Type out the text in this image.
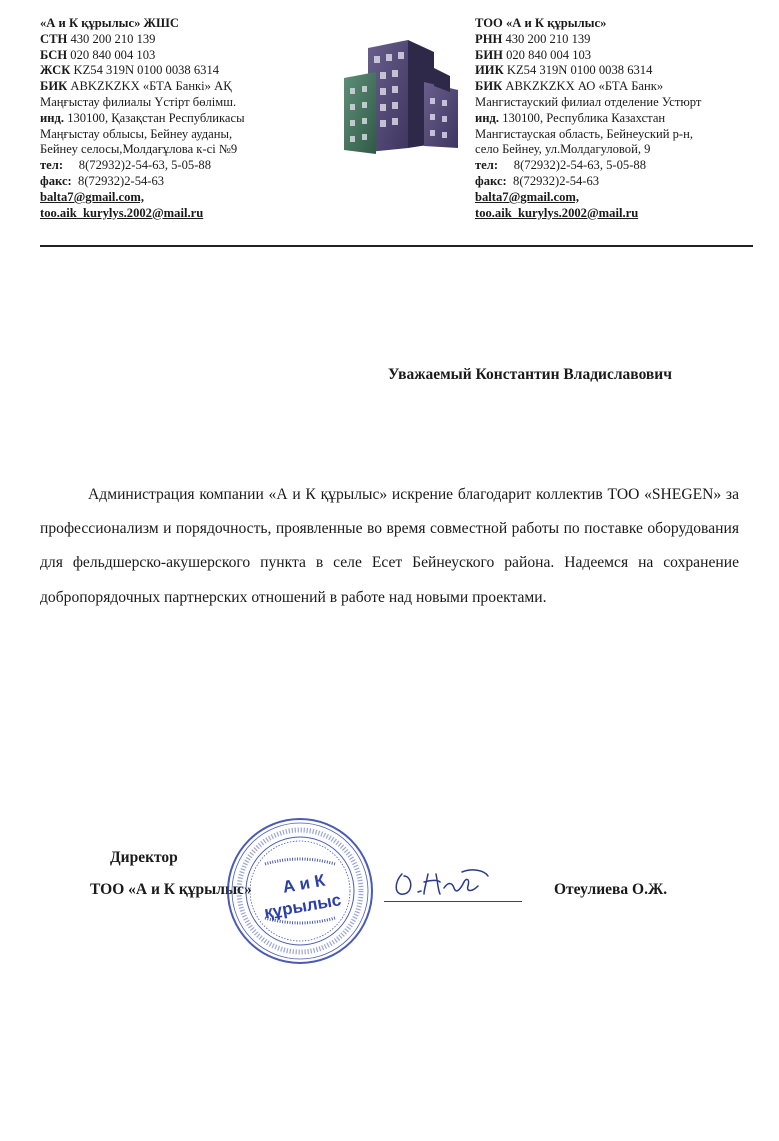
«А и К құрылыс» ЖШС
СТН 430 200 210 139
БСН 020 840 004 103
ЖСК KZ54 319N 0100 0038 6314
БИК ABKZKZKX «БТА Банкі» АҚ
Маңғыстау филиалы Үстірт бөлімш.
инд. 130100, Қазақстан Республикасы
Маңғыстау облысы, Бейнеу ауданы,
Бейнеу селосы,Молдағұлова к-сі №9
тел:     8(72932)2-54-63, 5-05-88
факс:  8(72932)2-54-63
balta7@gmail.com,
too.aik_kurylys.2002@mail.ru
ТОО «А и К құрылыс»
РНН 430 200 210 139
БИН 020 840 004 103
ИИК KZ54 319N 0100 0038 6314
БИК ABKZKZKX АО «БТА Банк»
Мангистауский филиал отделение Устюрт
инд. 130100, Республика Казахстан
Мангистауская область, Бейнеуский р-н,
село Бейнеу, ул.Молдагуловой, 9
тел:     8(72932)2-54-63, 5-05-88
факс:  8(72932)2-54-63
balta7@gmail.com,
too.aik_kurylys.2002@mail.ru
Уважаемый Константин Владиславович
Администрация компании «А и К құрылыс» искрение благодарит коллектив ТОО «SHEGEN» за профессионализм и порядочность, проявленные во время совместной работы по поставке оборудования для фельдшерско-акушерского пункта в селе Есет Бейнеуского района. Надеемся на сохранение добропорядочных партнерских отношений в работе над новыми проектами.
Директор
ТОО «А и К құрылыс»	Отеулиева О.Ж.
А и К
құрылыс
